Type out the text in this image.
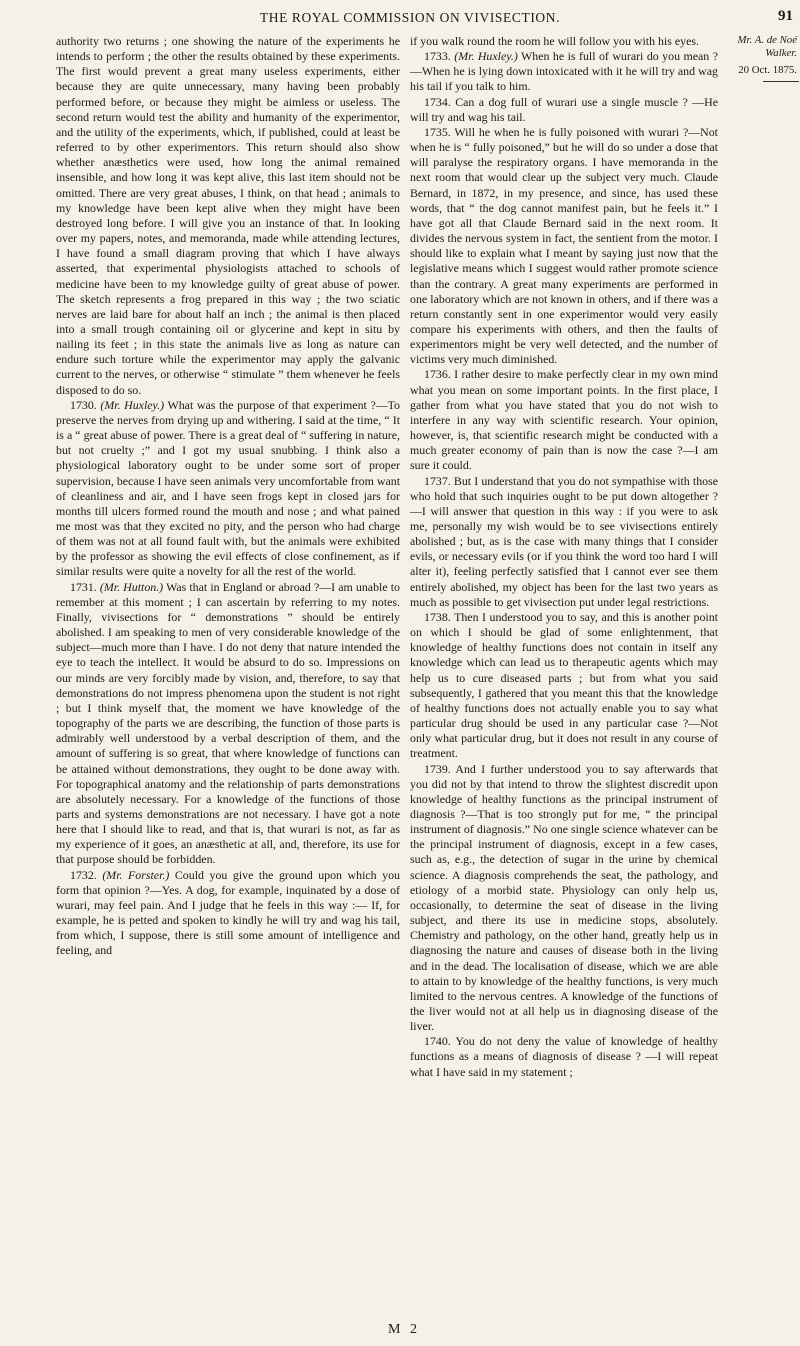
THE ROYAL COMMISSION ON VIVISECTION.	91

authority two returns ; one showing the nature of the experiments he intends to perform ; the other the results obtained by these experiments. The first would prevent a great many useless experiments, either because they are quite unnecessary, many having been probably performed before, or because they might be aimless or useless. The second return would test the ability and humanity of the experimentor, and the utility of the experiments, which, if published, could at least be referred to by other experimentors. This return should also show whether anæsthetics were used, how long the animal remained insensible, and how long it was kept alive, this last item should not be omitted. There are very great abuses, I think, on that head ; animals to my knowledge have been kept alive when they might have been destroyed long before. I will give you an instance of that. In looking over my papers, notes, and memoranda, made while attending lectures, I have found a small diagram proving that which I have always asserted, that experimental physiologists attached to schools of medicine have been to my knowledge guilty of great abuse of power. The sketch represents a frog prepared in this way ; the two sciatic nerves are laid bare for about half an inch ; the animal is then placed into a small trough containing oil or glycerine and kept in situ by nailing its feet ; in this state the animals live as long as nature can endure such torture while the experimentor may apply the galvanic current to the nerves, or otherwise “ stimulate ” them whenever he feels disposed to do so.

1730. (Mr. Huxley.) What was the purpose of that experiment ?—To preserve the nerves from drying up and withering. I said at the time, “ It is a “ great abuse of power. There is a great deal of “ suffering in nature, but not cruelty ;” and I got my usual snubbing. I think also a physiological laboratory ought to be under some sort of proper supervision, because I have seen animals very uncomfortable from want of cleanliness and air, and I have seen frogs kept in closed jars for months till ulcers formed round the mouth and nose ; and what pained me most was that they excited no pity, and the person who had charge of them was not at all found fault with, but the animals were exhibited by the professor as showing the evil effects of close confinement, as if similar results were quite a novelty for all the rest of the world.

1731. (Mr. Hutton.) Was that in England or abroad ?—I am unable to remember at this moment ; I can ascertain by referring to my notes. Finally, vivisections for “ demonstrations ” should be entirely abolished. I am speaking to men of very considerable knowledge of the subject—much more than I have. I do not deny that nature intended the eye to teach the intellect. It would be absurd to do so. Impressions on our minds are very forcibly made by vision, and, therefore, to say that demonstrations do not impress phenomena upon the student is not right ; but I think myself that, the moment we have knowledge of the topography of the parts we are describing, the function of those parts is admirably well understood by a verbal description of them, and the amount of suffering is so great, that where knowledge of functions can be attained without demonstrations, they ought to be done away with. For topographical anatomy and the relationship of parts demonstrations are absolutely necessary. For a knowledge of the functions of those parts and systems demonstrations are not necessary. I have got a note here that I should like to read, and that is, that wurari is not, as far as my experience of it goes, an anæsthetic at all, and, therefore, its use for that purpose should be forbidden.

1732. (Mr. Forster.) Could you give the ground upon which you form that opinion ?—Yes. A dog, for example, inquinated by a dose of wurari, may feel pain. And I judge that he feels in this way :— If, for example, he is petted and spoken to kindly he will try and wag his tail, from which, I suppose, there is still some amount of intelligence and feeling, and

if you walk round the room he will follow you with his eyes.

1733. (Mr. Huxley.) When he is full of wurari do you mean ?—When he is lying down intoxicated with it he will try and wag his tail if you talk to him.

1734. Can a dog full of wurari use a single muscle ? —He will try and wag his tail.

1735. Will he when he is fully poisoned with wurari ?—Not when he is “ fully poisoned,” but he will do so under a dose that will paralyse the respiratory organs. I have memoranda in the next room that would clear up the subject very much. Claude Bernard, in 1872, in my presence, and since, has used these words, that “ the dog cannot manifest pain, but he feels it.” I have got all that Claude Bernard said in the next room. It divides the nervous system in fact, the sentient from the motor. I should like to explain what I meant by saying just now that the legislative means which I suggest would rather promote science than the contrary. A great many experiments are performed in one laboratory which are not known in others, and if there was a return constantly sent in one experimentor would very easily compare his experiments with others, and then the faults of experimentors might be very well detected, and the number of victims very much diminished.

1736. I rather desire to make perfectly clear in my own mind what you mean on some important points. In the first place, I gather from what you have stated that you do not wish to interfere in any way with scientific research. Your opinion, however, is, that scientific research might be conducted with a much greater economy of pain than is now the case ?—I am sure it could.

1737. But I understand that you do not sympathise with those who hold that such inquiries ought to be put down altogether ?—I will answer that question in this way : if you were to ask me, personally my wish would be to see vivisections entirely abolished ; but, as is the case with many things that I consider evils, or necessary evils (or if you think the word too hard I will alter it), feeling perfectly satisfied that I cannot ever see them entirely abolished, my object has been for the last two years as much as possible to get vivisection put under legal restrictions.

1738. Then I understood you to say, and this is another point on which I should be glad of some enlightenment, that knowledge of healthy functions does not contain in itself any knowledge which can lead us to therapeutic agents which may help us to cure diseased parts ; but from what you said subsequently, I gathered that you meant this that the knowledge of healthy functions does not actually enable you to say what particular drug should be used in any particular case ?—Not only what particular drug, but it does not result in any course of treatment.

1739. And I further understood you to say afterwards that you did not by that intend to throw the slightest discredit upon knowledge of healthy functions as the principal instrument of diagnosis ?—That is too strongly put for me, “ the principal instrument of diagnosis.” No one single science whatever can be the principal instrument of diagnosis, except in a few cases, such as, e.g., the detection of sugar in the urine by chemical science. A diagnosis comprehends the seat, the pathology, and etiology of a morbid state. Physiology can only help us, occasionally, to determine the seat of disease in the living subject, and there its use in medicine stops, absolutely. Chemistry and pathology, on the other hand, greatly help us in diagnosing the nature and causes of disease both in the living and in the dead. The localisation of disease, which we are able to attain to by knowledge of the healthy functions, is very much limited to the nervous centres. A knowledge of the functions of the liver would not at all help us in diagnosing disease of the liver.

1740. You do not deny the value of knowledge of healthy functions as a means of diagnosis of disease ? —I will repeat what I have said in my statement ;

Mr. A. de Noé Walker.
20 Oct. 1875.
M 2
